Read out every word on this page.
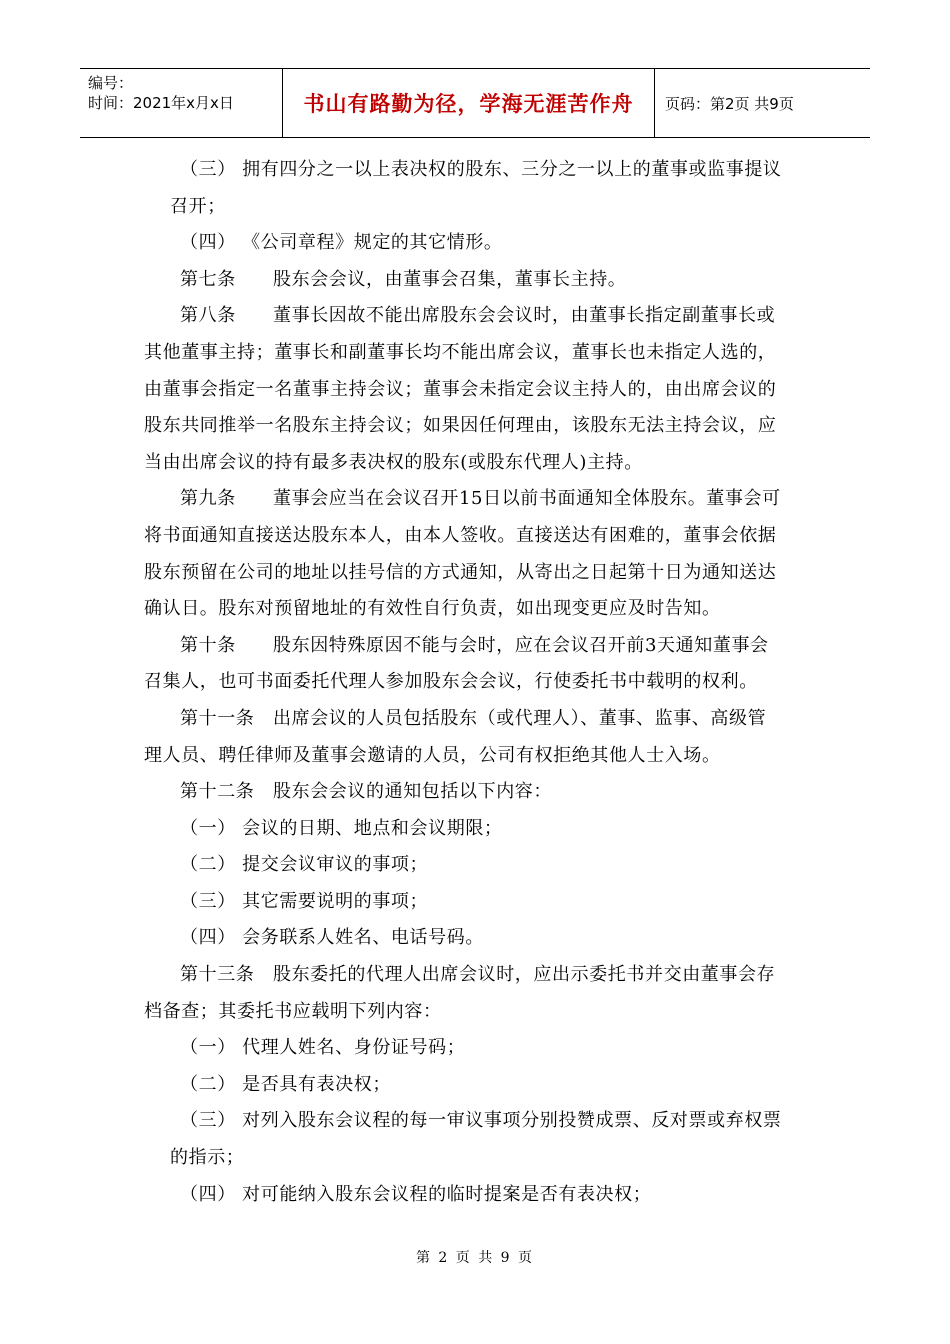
编号：
时间：2021年x月x日	书山有路勤为径，学海无涯苦作舟	页码：第2页 共9页
（三） 拥有四分之一以上表决权的股东、三分之一以上的董事或监事提议
召开；
（四） 《公司章程》规定的其它情形。
第七条　　股东会会议，由董事会召集，董事长主持。
第八条　　董事长因故不能出席股东会会议时，由董事长指定副董事长或
其他董事主持；董事长和副董事长均不能出席会议，董事长也未指定人选的，
由董事会指定一名董事主持会议；董事会未指定会议主持人的，由出席会议的
股东共同推举一名股东主持会议；如果因任何理由，该股东无法主持会议，应
当由出席会议的持有最多表决权的股东(或股东代理人)主持。
第九条　　董事会应当在会议召开15日以前书面通知全体股东。董事会可
将书面通知直接送达股东本人，由本人签收。直接送达有困难的，董事会依据
股东预留在公司的地址以挂号信的方式通知，从寄出之日起第十日为通知送达
确认日。股东对预留地址的有效性自行负责，如出现变更应及时告知。
第十条　　股东因特殊原因不能与会时，应在会议召开前3天通知董事会
召集人，也可书面委托代理人参加股东会会议，行使委托书中载明的权利。
第十一条　出席会议的人员包括股东（或代理人）、董事、监事、高级管
理人员、聘任律师及董事会邀请的人员，公司有权拒绝其他人士入场。
第十二条　股东会会议的通知包括以下内容：
（一） 会议的日期、地点和会议期限；
（二） 提交会议审议的事项；
（三） 其它需要说明的事项；
（四） 会务联系人姓名、电话号码。
第十三条　股东委托的代理人出席会议时，应出示委托书并交由董事会存
档备查；其委托书应载明下列内容：
（一） 代理人姓名、身份证号码；
（二） 是否具有表决权；
（三） 对列入股东会议程的每一审议事项分别投赞成票、反对票或弃权票
的指示；
（四） 对可能纳入股东会议程的临时提案是否有表决权；
第 2 页 共 9 页
